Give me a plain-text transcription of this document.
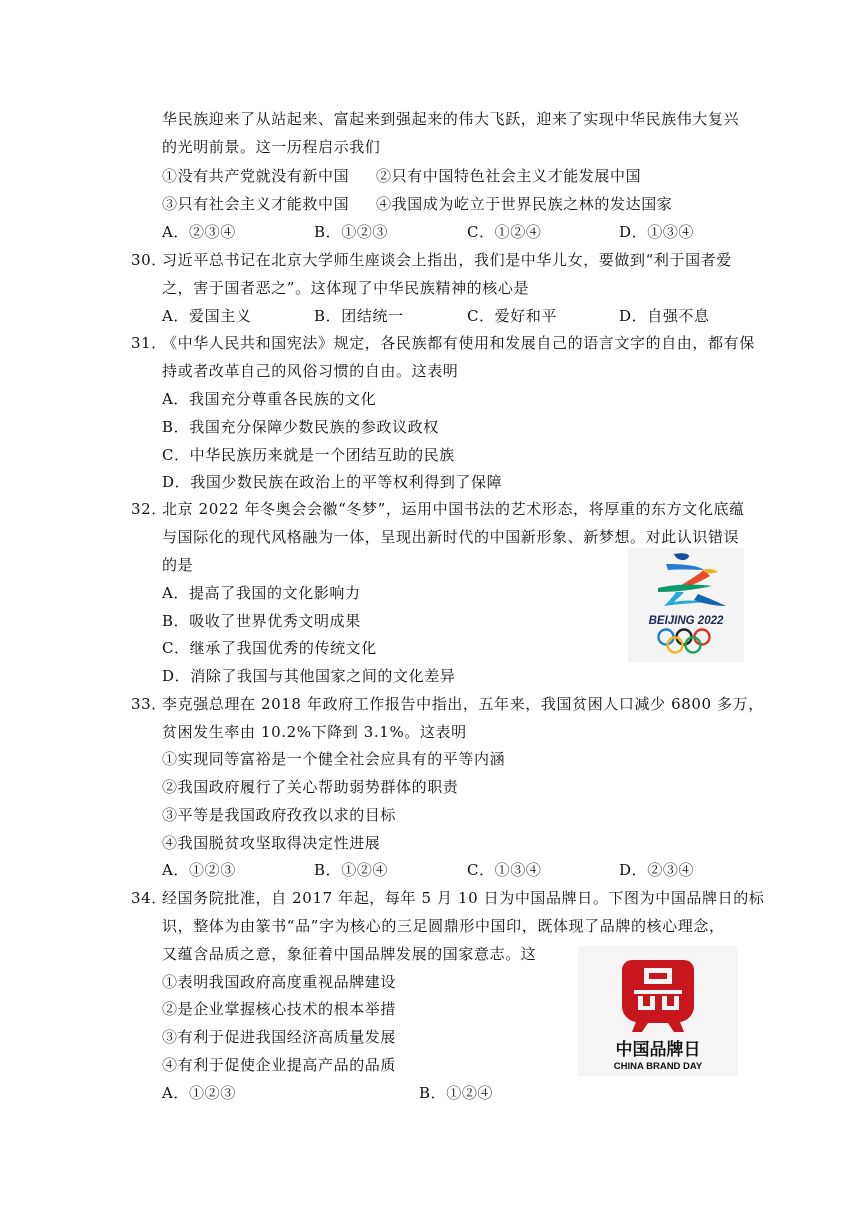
华民族迎来了从站起来、富起来到强起来的伟大飞跃，迎来了实现中华民族伟大复兴
的光明前景。这一历程启示我们
①没有共产党就没有新中国 ②只有中国特色社会主义才能发展中国
③只有社会主义才能救中国 ④我国成为屹立于世界民族之林的发达国家
A．②③④	B．①②③	C．①②④	D．①③④
30．
习近平总书记在北京大学师生座谈会上指出，我们是中华儿女，要做到“利于国者爱
之，害于国者恶之”。这体现了中华民族精神的核心是
A．爱国主义	B．团结统一	C．爱好和平	D．自强不息
31．
《中华人民共和国宪法》规定，各民族都有使用和发展自己的语言文字的自由，都有保
持或者改革自己的风俗习惯的自由。这表明
A．我国充分尊重各民族的文化
B．我国充分保障少数民族的参政议政权
C．中华民族历来就是一个团结互助的民族
D．我国少数民族在政治上的平等权利得到了保障
32．
北京 2022 年冬奥会会徽“冬梦”，运用中国书法的艺术形态，将厚重的东方文化底蕴
与国际化的现代风格融为一体，呈现出新时代的中国新形象、新梦想。对此认识错误
的是
A．提高了我国的文化影响力
B．吸收了世界优秀文明成果
C．继承了我国优秀的传统文化
D．消除了我国与其他国家之间的文化差异
BEIJING 2022
33．
李克强总理在 2018 年政府工作报告中指出，五年来，我国贫困人口减少 6800 多万，
贫困发生率由 10.2%下降到 3.1%。这表明
①实现同等富裕是一个健全社会应具有的平等内涵
②我国政府履行了关心帮助弱势群体的职责
③平等是我国政府孜孜以求的目标
④我国脱贫攻坚取得决定性进展
A．①②③	B．①②④	C．①③④	D．②③④
34．
经国务院批准，自 2017 年起，每年 5 月 10 日为中国品牌日。下图为中国品牌日的标
识，整体为由篆书“品”字为核心的三足圆鼎形中国印，既体现了品牌的核心理念，
又蕴含品质之意，象征着中国品牌发展的国家意志。这
①表明我国政府高度重视品牌建设
②是企业掌握核心技术的根本举措
③有利于促进我国经济高质量发展
④有利于促使企业提高产品的品质
A．①②③	B．①②④
中国品牌日
CHINA BRAND DAY
